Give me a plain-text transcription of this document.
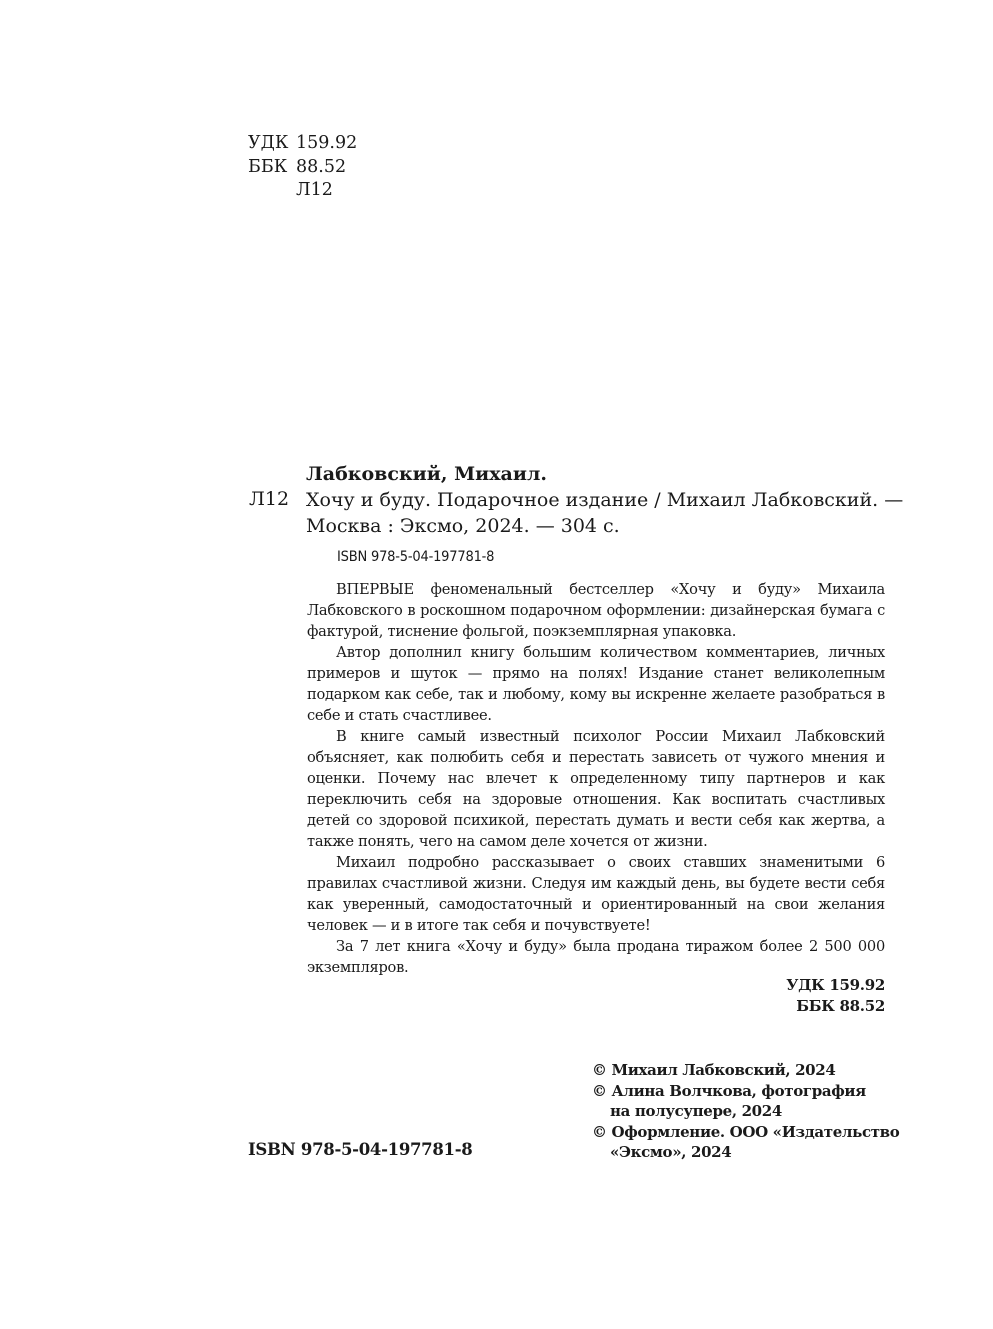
УДК 159.92
ББК 88.52
Л12
Лабковский, Михаил.
Л12 Хочу и буду. Подарочное издание / Михаил Лабковский. —
Москва : Эксмо, 2024. — 304 с.
ISBN 978-5-04-197781-8

ВПЕРВЫЕ феноменальный бестселлер «Хочу и буду» Михаила Лабковского в роскошном подарочном оформлении: дизайнерская бумага с фактурой, тиснение фольгой, поэкземплярная упаковка.

Автор дополнил книгу большим количеством комментариев, личных примеров и шуток — прямо на полях! Издание станет великолепным подарком как себе, так и любому, кому вы искренне желаете разобраться в себе и стать счастливее.

В книге самый известный психолог России Михаил Лабковский объясняет, как полюбить себя и перестать зависеть от чужого мнения и оценки. Почему нас влечет к определенному типу партнеров и как переключить себя на здоровые отношения. Как воспитать счастливых детей со здоровой психикой, перестать думать и вести себя как жертва, а также понять, чего на самом деле хочется от жизни.

Михаил подробно рассказывает о своих ставших знаменитыми 6 правилах счастливой жизни. Следуя им каждый день, вы будете вести себя как уверенный, самодостаточный и ориентированный на свои желания человек — и в итоге так себя и почувствуете!

За 7 лет книга «Хочу и буду» была продана тиражом более 2 500 000 экземпляров.

УДК 159.92
ББК 88.52
© Михаил Лабковский, 2024
© Алина Волчкова, фотография
на полусупере, 2024
© Оформление. ООО «Издательство
«Эксмо», 2024
ISBN 978-5-04-197781-8
